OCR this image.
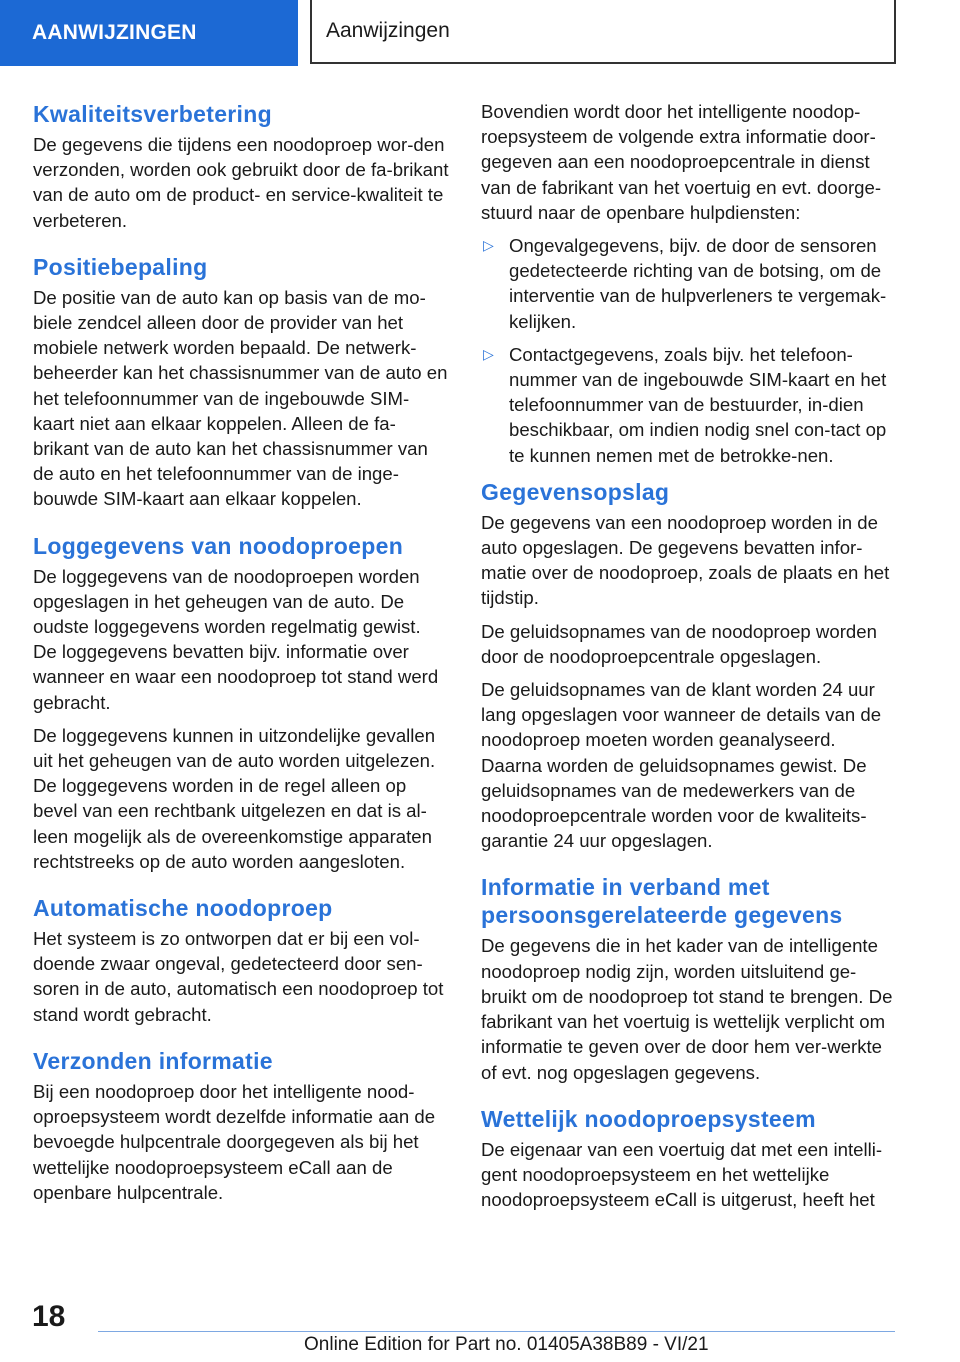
AANWIJZINGEN	Aanwijzingen
Kwaliteitsverbetering

De gegevens die tijdens een noodoproep wor-den verzonden, worden ook gebruikt door de fa-brikant van de auto om de product- en service-kwaliteit te verbeteren.

Positiebepaling

De positie van de auto kan op basis van de mo-biele zendcel alleen door de provider van het mobiele netwerk worden bepaald. De netwerk-beheerder kan het chassisnummer van de auto en het telefoonnummer van de ingebouwde SIM-kaart niet aan elkaar koppelen. Alleen de fa-brikant van de auto kan het chassisnummer van de auto en het telefoonnummer van de inge-bouwde SIM-kaart aan elkaar koppelen.

Loggegevens van noodoproepen

De loggegevens van de noodoproepen worden opgeslagen in het geheugen van de auto. De oudste loggegevens worden regelmatig gewist. De loggegevens bevatten bijv. informatie over wanneer en waar een noodoproep tot stand werd gebracht.

De loggegevens kunnen in uitzondelijke gevallen uit het geheugen van de auto worden uitgelezen. De loggegevens worden in de regel alleen op bevel van een rechtbank uitgelezen en dat is al-leen mogelijk als de overeenkomstige apparaten rechtstreeks op de auto worden aangesloten.

Automatische noodoproep

Het systeem is zo ontworpen dat er bij een vol-doende zwaar ongeval, gedetecteerd door sen-soren in de auto, automatisch een noodoproep tot stand wordt gebracht.

Verzonden informatie

Bij een noodoproep door het intelligente nood-oproepsysteem wordt dezelfde informatie aan de bevoegde hulpcentrale doorgegeven als bij het wettelijke noodoproepsysteem eCall aan de openbare hulpcentrale.

Bovendien wordt door het intelligente noodop-roepsysteem de volgende extra informatie door-gegeven aan een noodoproepcentrale in dienst van de fabrikant van het voertuig en evt. doorge-stuurd naar de openbare hulpdiensten:

▷ Ongevalgegevens, bijv. de door de sensoren gedetecteerde richting van de botsing, om de interventie van de hulpverleners te vergemak-kelijken.
▷ Contactgegevens, zoals bijv. het telefoon-nummer van de ingebouwde SIM-kaart en het telefoonnummer van de bestuurder, in-dien beschikbaar, om indien nodig snel con-tact op te kunnen nemen met de betrokke-nen.
Gegevensopslag

De gegevens van een noodoproep worden in de auto opgeslagen. De gegevens bevatten infor-matie over de noodoproep, zoals de plaats en het tijdstip.

De geluidsopnames van de noodoproep worden door de noodoproepcentrale opgeslagen.

De geluidsopnames van de klant worden 24 uur lang opgeslagen voor wanneer de details van de noodoproep moeten worden geanalyseerd. Daarna worden de geluidsopnames gewist. De geluidsopnames van de medewerkers van de noodoproepcentrale worden voor de kwaliteits-garantie 24 uur opgeslagen.

Informatie in verband met persoonsgerelateerde gegevens

De gegevens die in het kader van de intelligente noodoproep nodig zijn, worden uitsluitend ge-bruikt om de noodoproep tot stand te brengen. De fabrikant van het voertuig is wettelijk verplicht om informatie te geven over de door hem ver-werkte of evt. nog opgeslagen gegevens.

Wettelijk noodoproepsysteem

De eigenaar van een voertuig dat met een intelli-gent noodoproepsysteem en het wettelijke noodoproepsysteem eCall is uitgerust, heeft het

18
Online Edition for Part no. 01405A38B89 - VI/21
